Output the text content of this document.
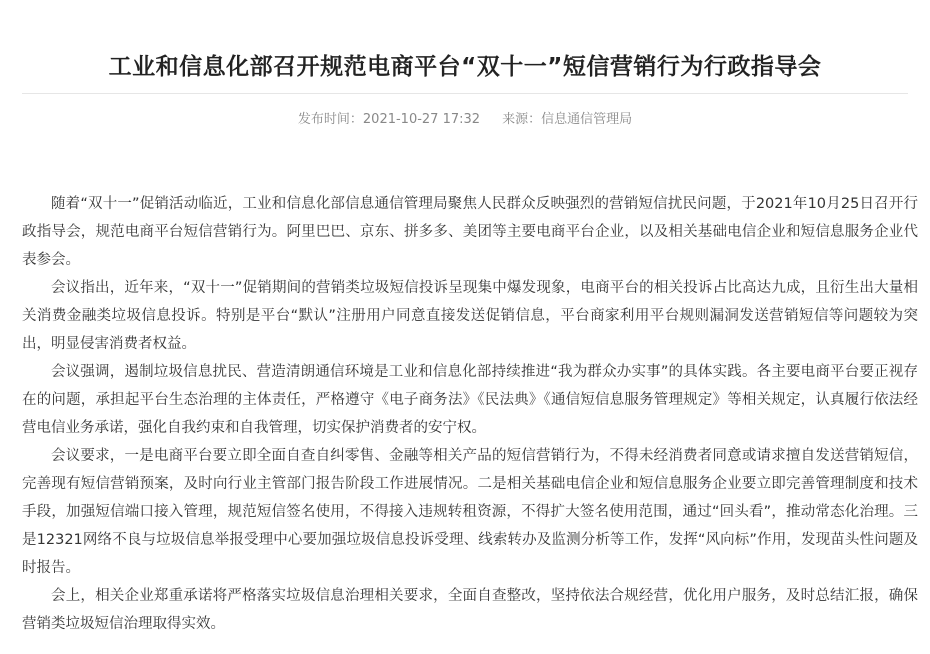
工业和信息化部召开规范电商平台“双十一”短信营销行为行政指导会
发布时间：2021-10-27 17:32 来源：信息通信管理局

随着“双十一”促销活动临近，工业和信息化部信息通信管理局聚焦人民群众反映强烈的营销短信扰民问题，于2021年10月25日召开行政指导会，规范电商平台短信营销行为。阿里巴巴、京东、拼多多、美团等主要电商平台企业，以及相关基础电信企业和短信息服务企业代表参会。

会议指出，近年来，“双十一”促销期间的营销类垃圾短信投诉呈现集中爆发现象，电商平台的相关投诉占比高达九成，且衍生出大量相关消费金融类垃圾信息投诉。特别是平台“默认”注册用户同意直接发送促销信息，平台商家利用平台规则漏洞发送营销短信等问题较为突出，明显侵害消费者权益。

会议强调，遏制垃圾信息扰民、营造清朗通信环境是工业和信息化部持续推进“我为群众办实事”的具体实践。各主要电商平台要正视存在的问题，承担起平台生态治理的主体责任，严格遵守《电子商务法》《民法典》《通信短信息服务管理规定》等相关规定，认真履行依法经营电信业务承诺，强化自我约束和自我管理，切实保护消费者的安宁权。

会议要求，一是电商平台要立即全面自查自纠零售、金融等相关产品的短信营销行为，不得未经消费者同意或请求擅自发送营销短信，完善现有短信营销预案，及时向行业主管部门报告阶段工作进展情况。二是相关基础电信企业和短信息服务企业要立即完善管理制度和技术手段，加强短信端口接入管理，规范短信签名使用，不得接入违规转租资源，不得扩大签名使用范围，通过“回头看”，推动常态化治理。三是12321网络不良与垃圾信息举报受理中心要加强垃圾信息投诉受理、线索转办及监测分析等工作，发挥“风向标”作用，发现苗头性问题及时报告。

会上，相关企业郑重承诺将严格落实垃圾信息治理相关要求，全面自查整改，坚持依法合规经营，优化用户服务，及时总结汇报，确保营销类垃圾短信治理取得实效。
